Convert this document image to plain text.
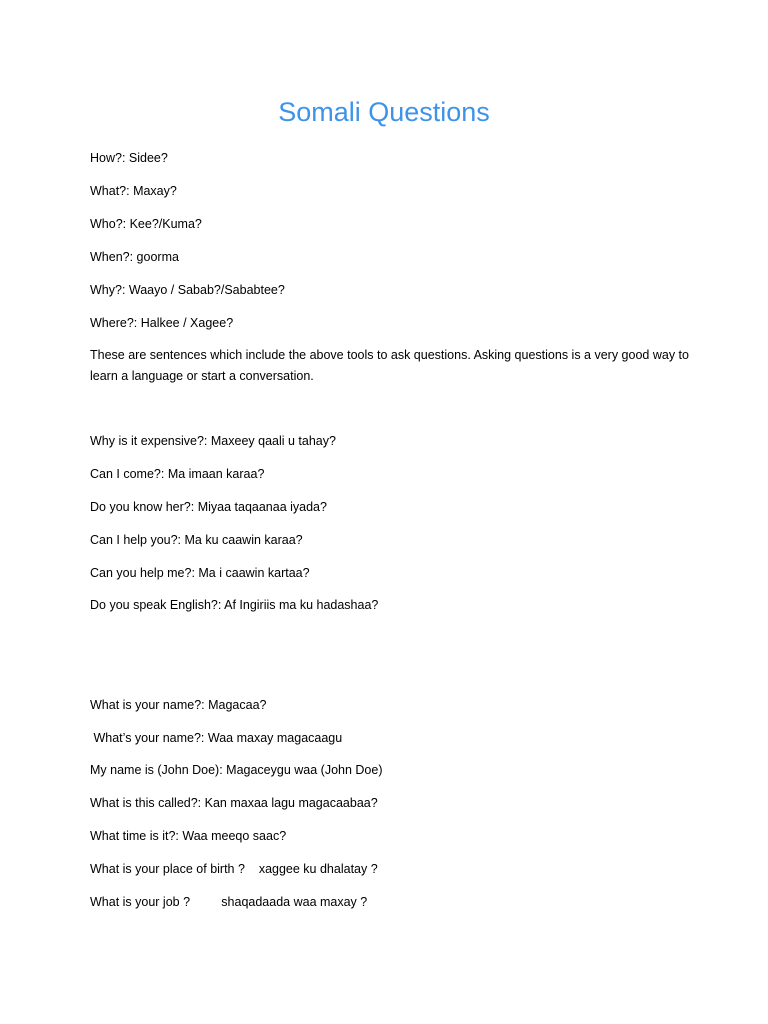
Somali Questions

How?: Sidee?

What?: Maxay?

Who?: Kee?/Kuma?

When?: goorma

Why?: Waayo / Sabab?/Sababtee?

Where?: Halkee / Xagee?

These are sentences which include the above tools to ask questions. Asking questions is a very good way to learn a language or start a conversation.

Why is it expensive?: Maxeey qaali u tahay?

Can I come?: Ma imaan karaa?

Do you know her?: Miyaa taqaanaa iyada?

Can I help you?: Ma ku caawin karaa?

Can you help me?: Ma i caawin kartaa?

Do you speak English?: Af Ingiriis ma ku hadashaa?

What is your name?: Magacaa?

What’s your name?: Waa maxay magacaagu

My name is (John Doe): Magaceygu waa (John Doe)

What is this called?: Kan maxaa lagu magacaabaa?

What time is it?: Waa meeqo saac?

What is your place of birth ?    xaggee ku dhalatay ?

What is your job ?         shaqadaada waa maxay ?
